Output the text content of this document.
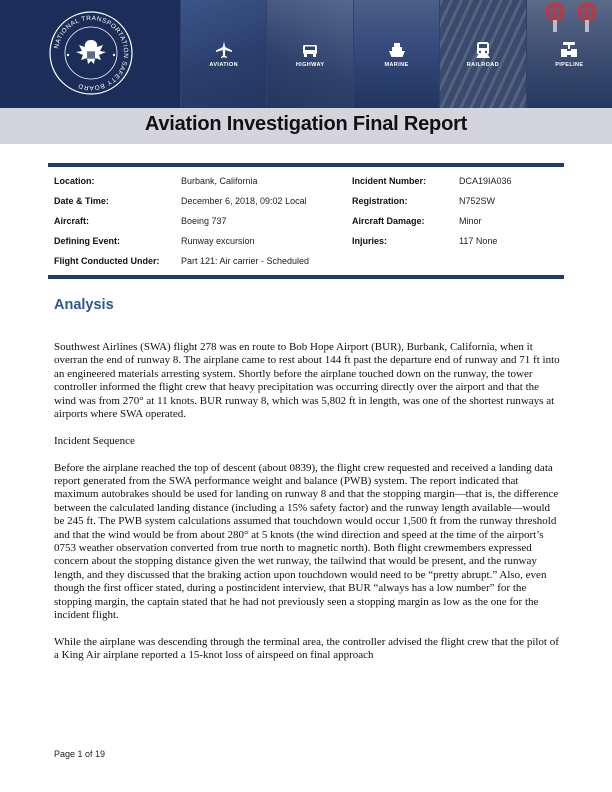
NATIONAL TRANSPORTATION SAFETY BOARD
AVIATION	HIGHWAY	MARINE	RAILROAD	PIPELINE
Aviation Investigation Final Report
Location:	Burbank, California	Incident Number:	DCA19IA036
Date & Time:	December 6, 2018, 09:02 Local	Registration:	N752SW
Aircraft:	Boeing 737	Aircraft Damage:	Minor
Defining Event:	Runway excursion	Injuries:	117 None
Flight Conducted Under: Part 121: Air carrier - Scheduled
Analysis

Southwest Airlines (SWA) flight 278 was en route to Bob Hope Airport (BUR), Burbank, California, when it overran the end of runway 8. The airplane came to rest about 144 ft past the departure end of runway and 71 ft into an engineered materials arresting system. Shortly before the airplane touched down on the runway, the tower controller informed the flight crew that heavy precipitation was occurring directly over the airport and that the wind was from 270° at 11 knots. BUR runway 8, which was 5,802 ft in length, was one of the shortest runways at airports where SWA operated.

Incident Sequence

Before the airplane reached the top of descent (about 0839), the flight crew requested and received a landing data report generated from the SWA performance weight and balance (PWB) system. The report indicated that maximum autobrakes should be used for landing on runway 8 and that the stopping margin—that is, the difference between the calculated landing distance (including a 15% safety factor) and the runway length available—would be 245 ft. The PWB system calculations assumed that touchdown would occur 1,500 ft from the runway threshold and that the wind would be from about 280° at 5 knots (the wind direction and speed at the time of the airport’s 0753 weather observation converted from true north to magnetic north). Both flight crewmembers expressed concern about the stopping distance given the wet runway, the tailwind that would be present, and the runway length, and they discussed that the braking action upon touchdown would need to be “pretty abrupt.” Also, even though the first officer stated, during a postincident interview, that BUR “always has a low number” for the stopping margin, the captain stated that he had not previously seen a stopping margin as low as the one for the incident flight.

While the airplane was descending through the terminal area, the controller advised the flight crew that the pilot of a King Air airplane reported a 15-knot loss of airspeed on final approach

Page 1 of 19
